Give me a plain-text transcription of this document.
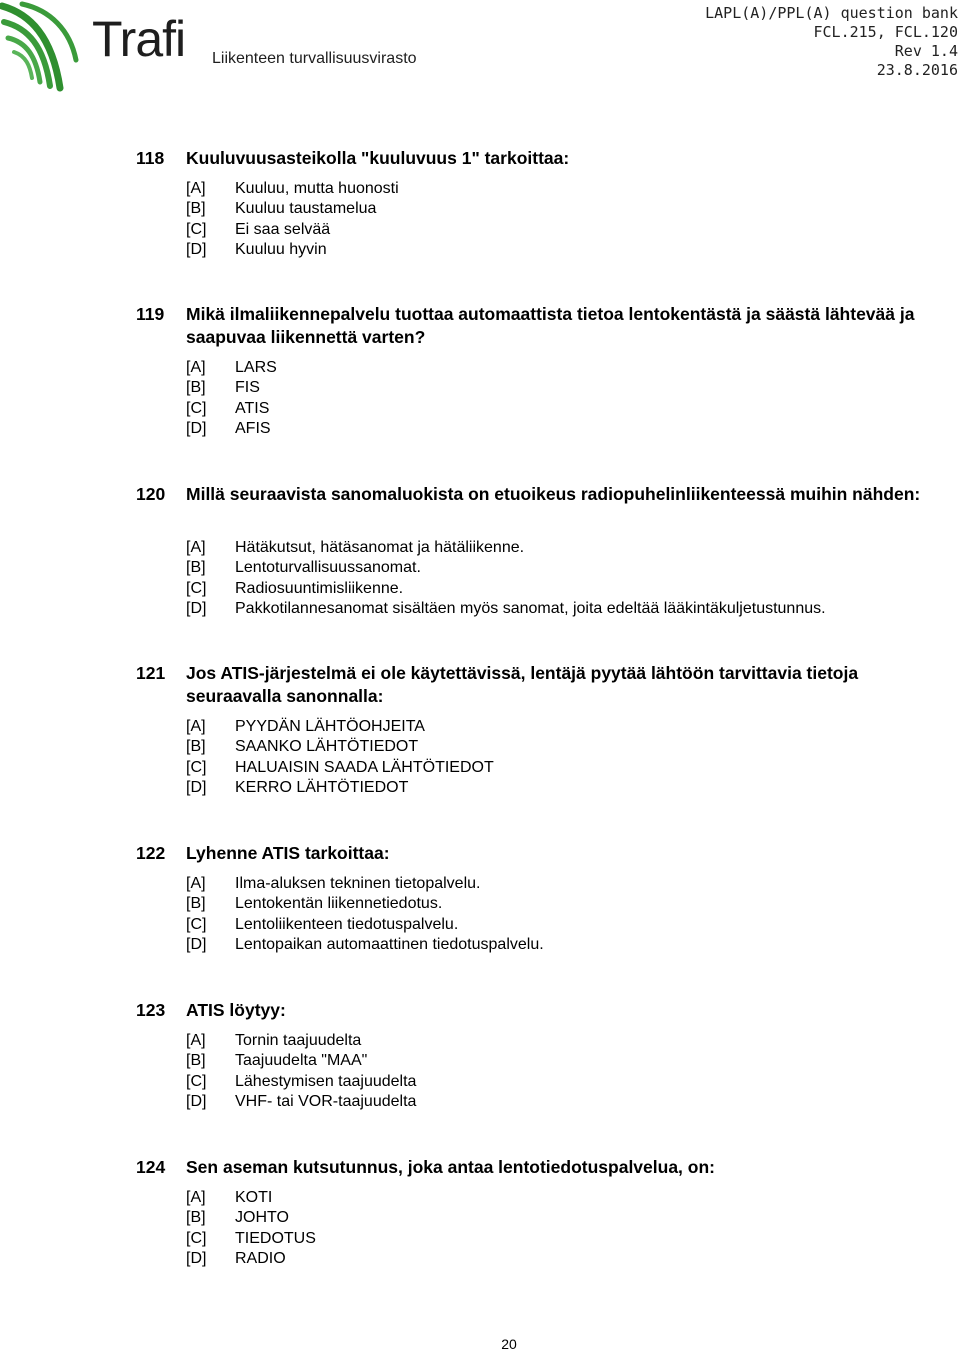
Trafi Liikenteen turvallisuusvirasto
LAPL(A)/PPL(A) question bank
FCL.215, FCL.120
Rev 1.4
23.8.2016
118 Kuuluvuusasteikolla "kuuluvuus 1" tarkoittaa:
[A] Kuuluu, mutta huonosti
[B] Kuuluu taustamelua
[C] Ei saa selvää
[D] Kuuluu hyvin
119 Mikä ilmaliikennepalvelu tuottaa automaattista tietoa lentokentästä ja säästä lähtevää ja saapuvaa liikennettä varten?
[A] LARS
[B] FIS
[C] ATIS
[D] AFIS
120 Millä seuraavista sanomaluokista on etuoikeus radiopuhelinliikenteessä muihin nähden:
[A] Hätäkutsut, hätäsanomat ja hätäliikenne.
[B] Lentoturvallisuussanomat.
[C] Radiosuuntimisliikenne.
[D] Pakkotilannesanomat sisältäen myös sanomat, joita edeltää lääkintäkuljetustunnus.
121 Jos ATIS-järjestelmä ei ole käytettävissä, lentäjä pyytää lähtöön tarvittavia tietoja seuraavalla sanonnalla:
[A] PYYDÄN LÄHTÖOHJEITA
[B] SAANKO LÄHTÖTIEDOT
[C] HALUAISIN SAADA LÄHTÖTIEDOT
[D] KERRO LÄHTÖTIEDOT
122 Lyhenne ATIS tarkoittaa:
[A] Ilma-aluksen tekninen tietopalvelu.
[B] Lentokentän liikennetiedotus.
[C] Lentoliikenteen tiedotuspalvelu.
[D] Lentopaikan automaattinen tiedotuspalvelu.
123 ATIS löytyy:
[A] Tornin taajuudelta
[B] Taajuudelta "MAA"
[C] Lähestymisen taajuudelta
[D] VHF- tai VOR-taajuudelta
124 Sen aseman kutsutunnus, joka antaa lentotiedotuspalvelua, on:
[A] KOTI
[B] JOHTO
[C] TIEDOTUS
[D] RADIO
20
